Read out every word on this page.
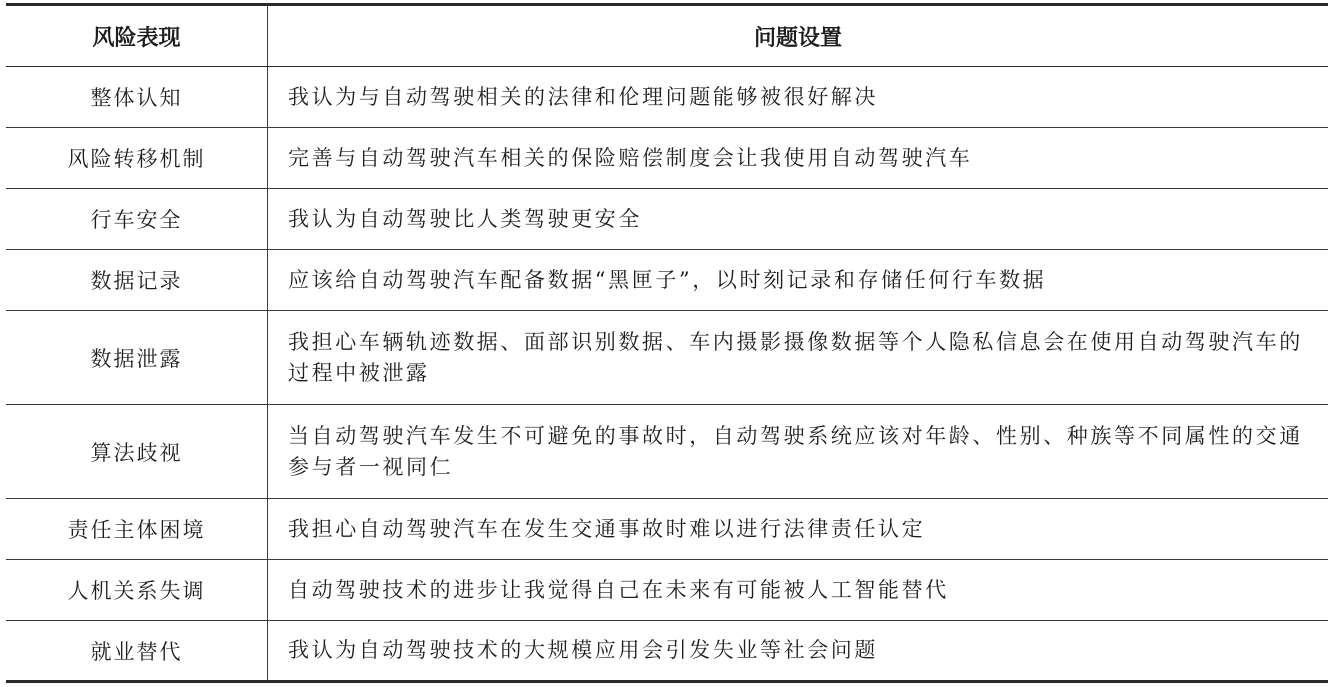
风险表现	问题设置
整体认知	我认为与自动驾驶相关的法律和伦理问题能够被很好解决
风险转移机制	完善与自动驾驶汽车相关的保险赔偿制度会让我使用自动驾驶汽车
行车安全	我认为自动驾驶比人类驾驶更安全
数据记录	应该给自动驾驶汽车配备数据“黑匣子”，以时刻记录和存储任何行车数据
数据泄露	我担心车辆轨迹数据、面部识别数据、车内摄影摄像数据等个人隐私信息会在使用自动驾驶汽车的过程中被泄露
算法歧视	当自动驾驶汽车发生不可避免的事故时，自动驾驶系统应该对年龄、性别、种族等不同属性的交通参与者一视同仁
责任主体困境	我担心自动驾驶汽车在发生交通事故时难以进行法律责任认定
人机关系失调	自动驾驶技术的进步让我觉得自己在未来有可能被人工智能替代
就业替代	我认为自动驾驶技术的大规模应用会引发失业等社会问题
